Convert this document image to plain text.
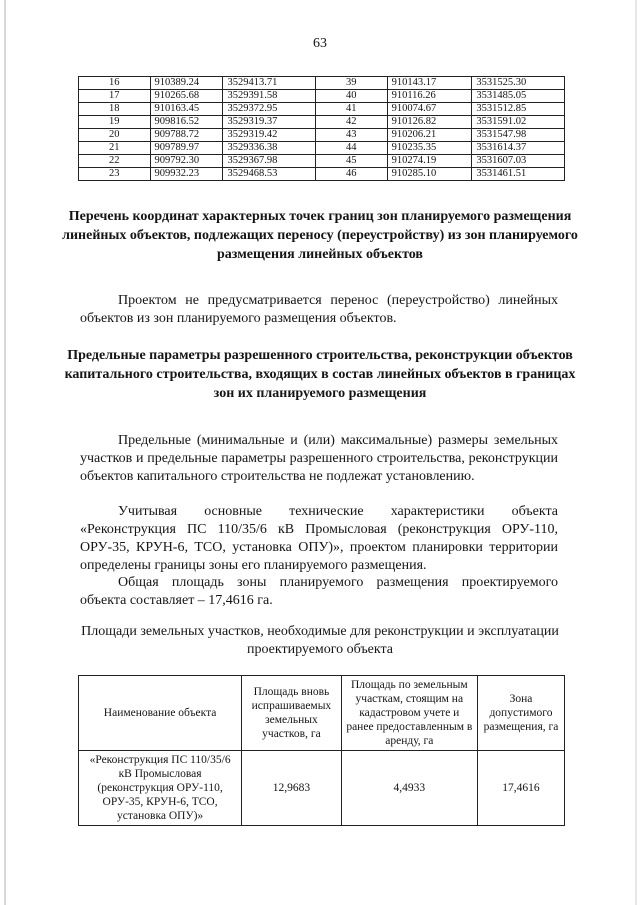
63
16	910389.24	3529413.71	39	910143.17	3531525.30
17	910265.68	3529391.58	40	910116.26	3531485.05
18	910163.45	3529372.95	41	910074.67	3531512.85
19	909816.52	3529319.37	42	910126.82	3531591.02
20	909788.72	3529319.42	43	910206.21	3531547.98
21	909789.97	3529336.38	44	910235.35	3531614.37
22	909792.30	3529367.98	45	910274.19	3531607.03
23	909932.23	3529468.53	46	910285.10	3531461.51
Перечень координат характерных точек границ зон планируемого размещения линейных объектов, подлежащих переносу (переустройству) из зон планируемого размещения линейных объектов
Проектом не предусматривается перенос (переустройство) линейных объектов из зон планируемого размещения объектов.
Предельные параметры разрешенного строительства, реконструкции объектов капитального строительства, входящих в состав линейных объектов в границах зон их планируемого размещения
Предельные (минимальные и (или) максимальные) размеры земельных участков и предельные параметры разрешенного строительства, реконструкции объектов капитального строительства не подлежат установлению.
Учитывая основные технические характеристики объекта «Реконструкция ПС 110/35/6 кВ Промысловая (реконструкция ОРУ-110, ОРУ-35, КРУН-6, ТСО, установка ОПУ)», проектом планировки территории определены границы зоны его планируемого размещения.
Общая площадь зоны планируемого размещения проектируемого объекта составляет – 17,4616 га.
Площади земельных участков, необходимые для реконструкции и эксплуатации проектируемого объекта
Наименование объекта	Площадь вновь испрашиваемых земельных участков, га	Площадь по земельным участкам, стоящим на кадастровом учете и ранее предоставленным в аренду, га	Зона допустимого размещения, га
«Реконструкция ПС 110/35/6 кВ Промысловая (реконструкция ОРУ-110, ОРУ-35, КРУН-6, ТСО, установка ОПУ)»	12,9683	4,4933	17,4616
